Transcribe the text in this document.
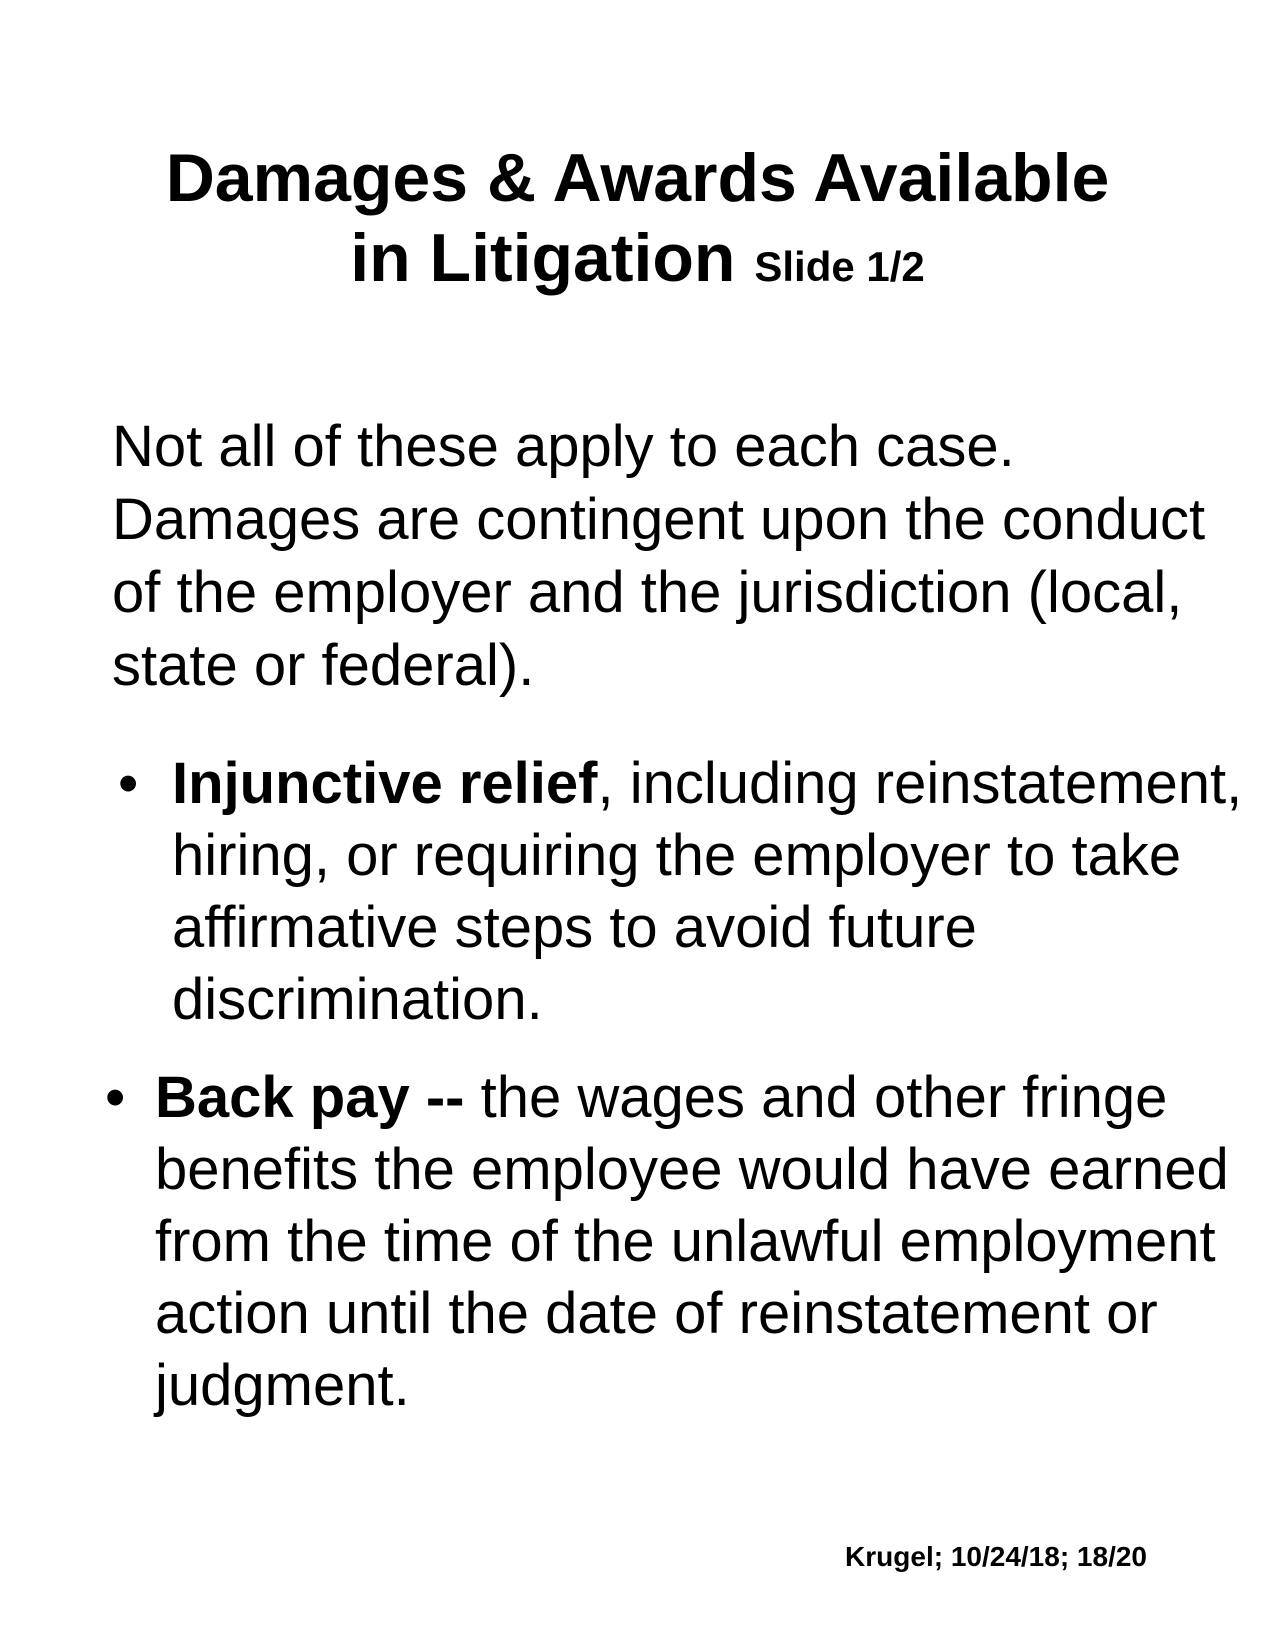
Damages & Awards Available
in Litigation Slide 1/2

Not all of these apply to each case. Damages are contingent upon the conduct of the employer and the jurisdiction (local, state or federal).

• Injunctive relief, including reinstatement, hiring, or requiring the employer to take affirmative steps to avoid future discrimination.

• Back pay -- the wages and other fringe benefits the employee would have earned from the time of the unlawful employment action until the date of reinstatement or judgment.

Krugel; 10/24/18; 18/20
